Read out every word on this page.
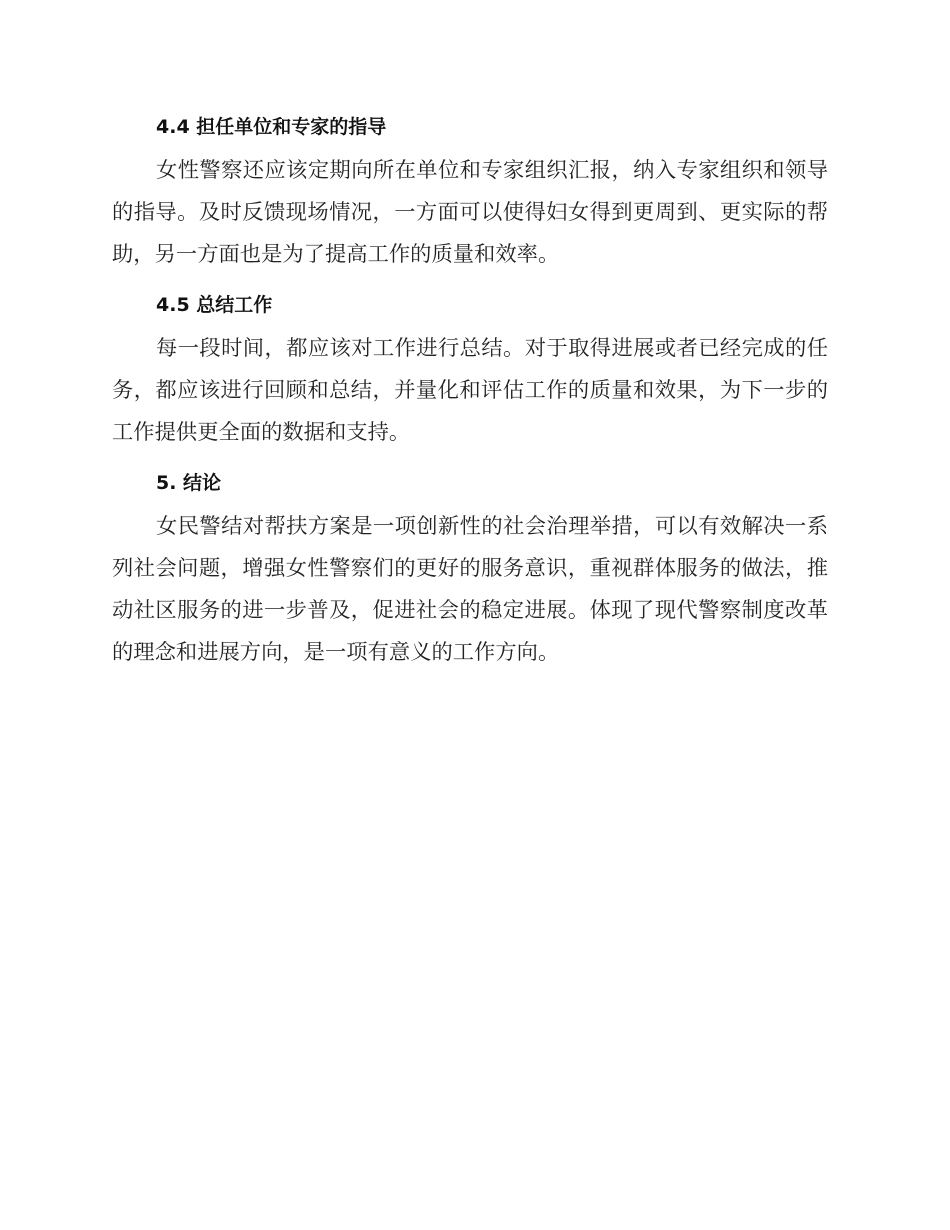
4.4 担任单位和专家的指导

女性警察还应该定期向所在单位和专家组织汇报，纳入专家组织和领导的指导。及时反馈现场情况，一方面可以使得妇女得到更周到、更实际的帮助，另一方面也是为了提高工作的质量和效率。

4.5 总结工作

每一段时间，都应该对工作进行总结。对于取得进展或者已经完成的任务，都应该进行回顾和总结，并量化和评估工作的质量和效果，为下一步的工作提供更全面的数据和支持。

5. 结论

女民警结对帮扶方案是一项创新性的社会治理举措，可以有效解决一系列社会问题，增强女性警察们的更好的服务意识，重视群体服务的做法，推动社区服务的进一步普及，促进社会的稳定进展。体现了现代警察制度改革的理念和进展方向，是一项有意义的工作方向。
